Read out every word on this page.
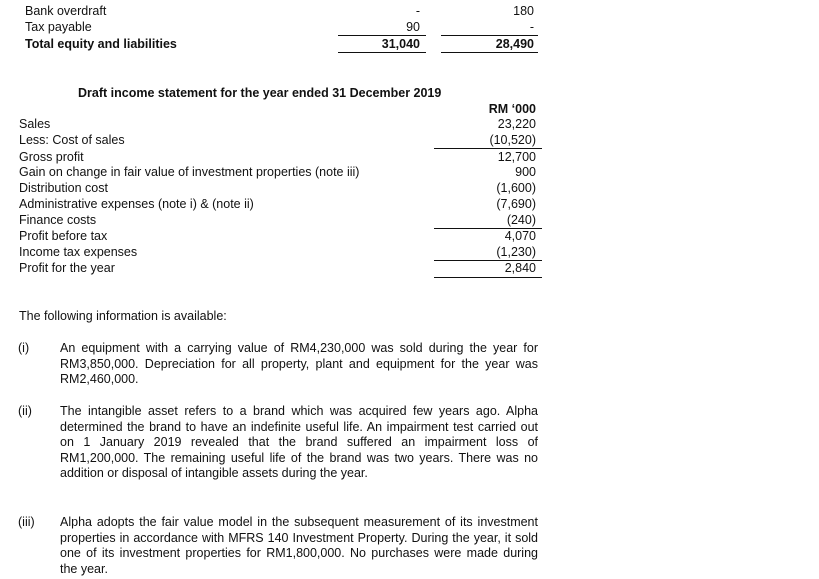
Bank overdraft	-	180
Tax payable	90	-
Total equity and liabilities	31,040	28,490
Draft income statement for the year ended 31 December 2019
RM ‘000
Sales	23,220
Less: Cost of sales	(10,520)
Gross profit	12,700
Gain on change in fair value of investment properties (note iii)	900
Distribution cost	(1,600)
Administrative expenses (note i) & (note ii)	(7,690)
Finance costs	(240)
Profit before tax	4,070
Income tax expenses	(1,230)
Profit for the year	2,840
The following information is available:
(i) An equipment with a carrying value of RM4,230,000 was sold during the year for RM3,850,000. Depreciation for all property, plant and equipment for the year was RM2,460,000.
(ii) The intangible asset refers to a brand which was acquired few years ago. Alpha determined the brand to have an indefinite useful life. An impairment test carried out on 1 January 2019 revealed that the brand suffered an impairment loss of RM1,200,000. The remaining useful life of the brand was two years. There was no addition or disposal of intangible assets during the year.
(iii) Alpha adopts the fair value model in the subsequent measurement of its investment properties in accordance with MFRS 140 Investment Property. During the year, it sold one of its investment properties for RM1,800,000. No purchases were made during the year.
